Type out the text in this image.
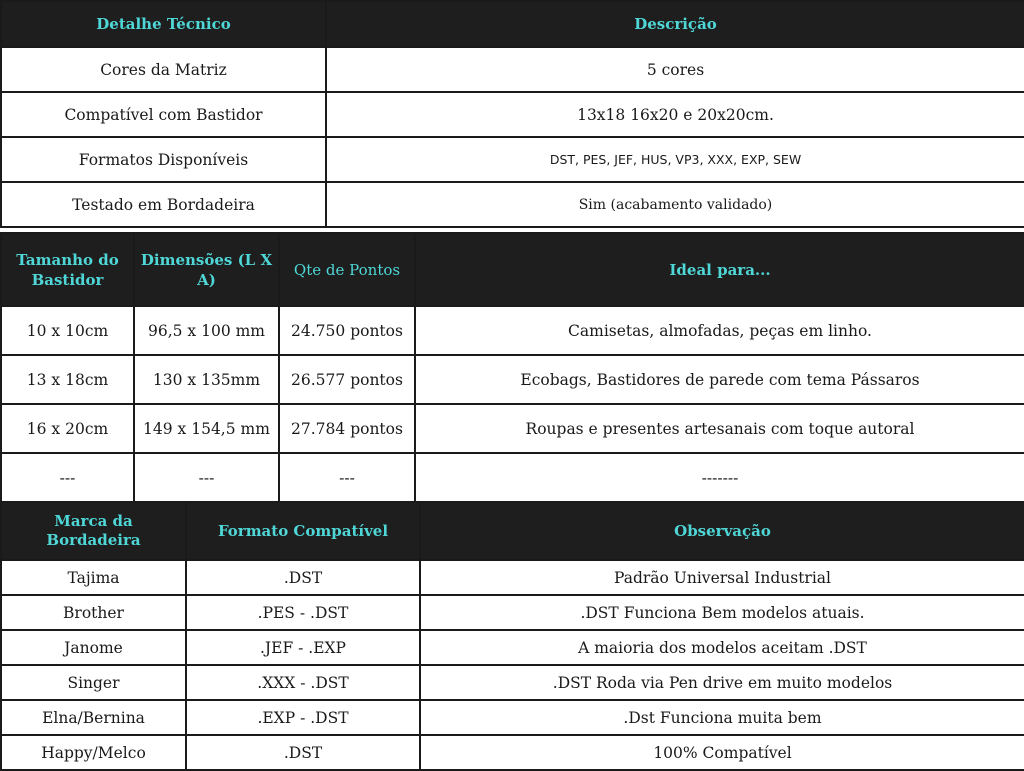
Detalhe Técnico	Descrição
Cores da Matriz	5 cores
Compatível com Bastidor	13x18 16x20 e 20x20cm.
Formatos Disponíveis	DST, PES, JEF, HUS, VP3, XXX, EXP, SEW
Testado em Bordadeira	Sim (acabamento validado)
Tamanho do Bastidor	Dimensões (L X A)	Qte de Pontos	Ideal para...
10 x 10cm	96,5 x 100 mm	24.750 pontos	Camisetas, almofadas, peças em linho.
13 x 18cm	130 x 135mm	26.577 pontos	Ecobags, Bastidores de parede com tema Pássaros
16 x 20cm	149 x 154,5 mm	27.784 pontos	Roupas e presentes artesanais com toque autoral
---	---	---	-------
Marca da Bordadeira	Formato Compatível	Observação
Tajima	.DST	Padrão Universal Industrial
Brother	.PES - .DST	.DST Funciona Bem modelos atuais.
Janome	.JEF - .EXP	A maioria dos modelos aceitam .DST
Singer	.XXX - .DST	.DST Roda via Pen drive em muito modelos
Elna/Bernina	.EXP - .DST	.Dst Funciona muita bem
Happy/Melco	.DST	100% Compatível
